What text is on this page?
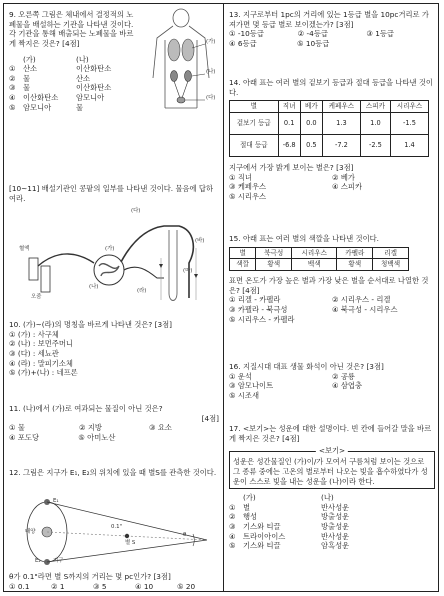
9. 오른쪽 그림은 체내에서 결정적의 노폐물을 배설하는 기관을 나타낸 것이다. 각 기관을 통해 배출되는 노폐물을 바르게 짝지은 것은? [4점]

(가)	(나)
①	산소	이산화탄소
②	물	산소
③	물	이산화탄소
④	이산화탄소	암모니아
⑤	암모니아	물
(가)
(나)
(다)

[10~11] 배설기관인 콩팥의 일부를 나타낸 것이다. 물음에 답하여라.

(가)
(나)
(다)
(라)
(마)
(바)
혈액
오줌

10. (가)~(라)의 명칭을 바르게 나타낸 것은? [3점]

① (가) : 사구체

② (나) : 보먼주머니

③ (다) : 세뇨관

④ (라) : 말피기소체

⑤ (가)+(나) : 네프론

11. (나)에서 (가)로 여과되는 물질이 아닌 것은?

[4점]

① 물	② 지방	③ 요소
④ 포도당	⑤ 아미노산

12. 그림은 지구가 E₁, E₂의 위치에 있을 때 별S를 관측한 것이다.

E₁
태양
E₂ 지구
0.1"
θ
별 S

θ가 0.1"라면 별 S까지의 거리는 몇 pc인가? [3점]

① 0.1	② 1	③ 5	④ 10	⑤ 20

13. 지구로부터 1pc의 거리에 있는 1등급 별을 10pc거리로 가져가면 몇 등급 별로 보이겠는가? [3점]

① -10등급	② -4등급	③ 1등급
④ 6등급	⑤ 10등급

14. 아래 표는 여러 별의 겉보기 등급과 절대 등급을 나타낸 것이다.

별	직녀	베가	케페우스	스피카	시리우스
겉보기 등급	0.1	0.0	1.3	1.0	-1.5
절대 등급	-6.8	0.5	-7.2	-2.5	1.4

지구에서 가장 밝게 보이는 별은? [3점]

① 직녀	② 베가
③ 케페우스	④ 스피카

⑤ 시리우스

15. 아래 표는 여러 별의 색깔을 나타낸 것이다.

별	북극성	시리우스	카펠라	리겔
색깔	황색	백색	황색	청백색

표면 온도가 가장 높은 별과 가장 낮은 별을 순서대로 나열한 것은? [4점]

① 리겔 - 카펠라	② 시리우스 - 리겔
③ 카펠라 - 북극성	④ 북극성 - 시리우스

⑤ 시리우스 - 카펠라

16. 지질시대 대표 생물 화석이 아닌 것은? [3점]

① 운석	② 공룡
③ 암모나이트	④ 삼엽충

⑤ 시조새

17. <보기>는 성운에 대한 설명이다. 빈 칸에 들어갈 말을 바르게 짝지은 것은? [4점]

<보기>

성운은 성간물질인 (가)이/가 모여서 구름처럼 보이는 것으로 그 종류 중에는 고온의 별로부터 나오는 빛을 흡수하였다가 성운이 스스로 빛을 내는 성운을 (나)이라 한다.

(가)	(나)
①	별	반사성운
②	행성	방출성운
③	기스와 티끌	방출성운
④	트라이아이스	반사성운
⑤	기스와 티끌	암흑성운
